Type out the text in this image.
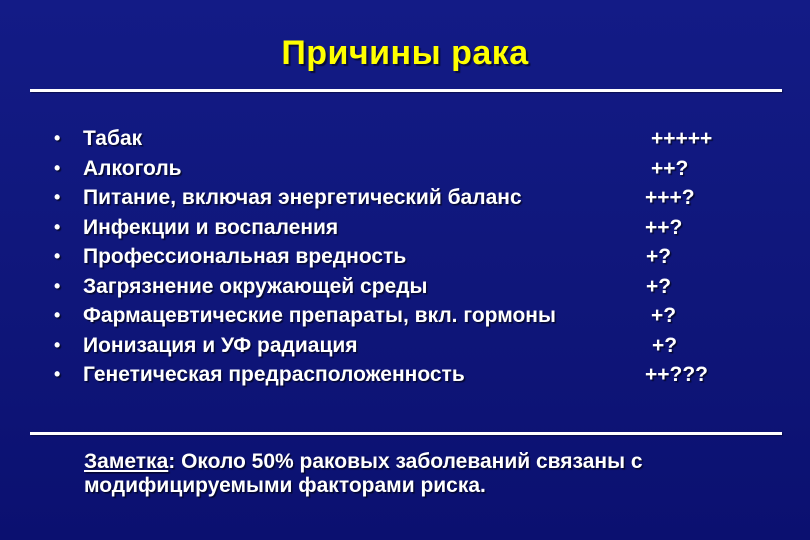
Причины рака
• Табак	+++++
• Алкоголь	++?
• Питание, включая энергетический баланс	+++?
• Инфекции и воспаления	++?
• Профессиональная вредность	+?
• Загрязнение окружающей среды	+?
• Фармацевтические препараты, вкл. гормоны	+?
• Ионизация и УФ радиация	+?
• Генетическая предрасположенность	++???
Заметка: Около 50% раковых заболеваний связаны с модифицируемыми факторами риска.
